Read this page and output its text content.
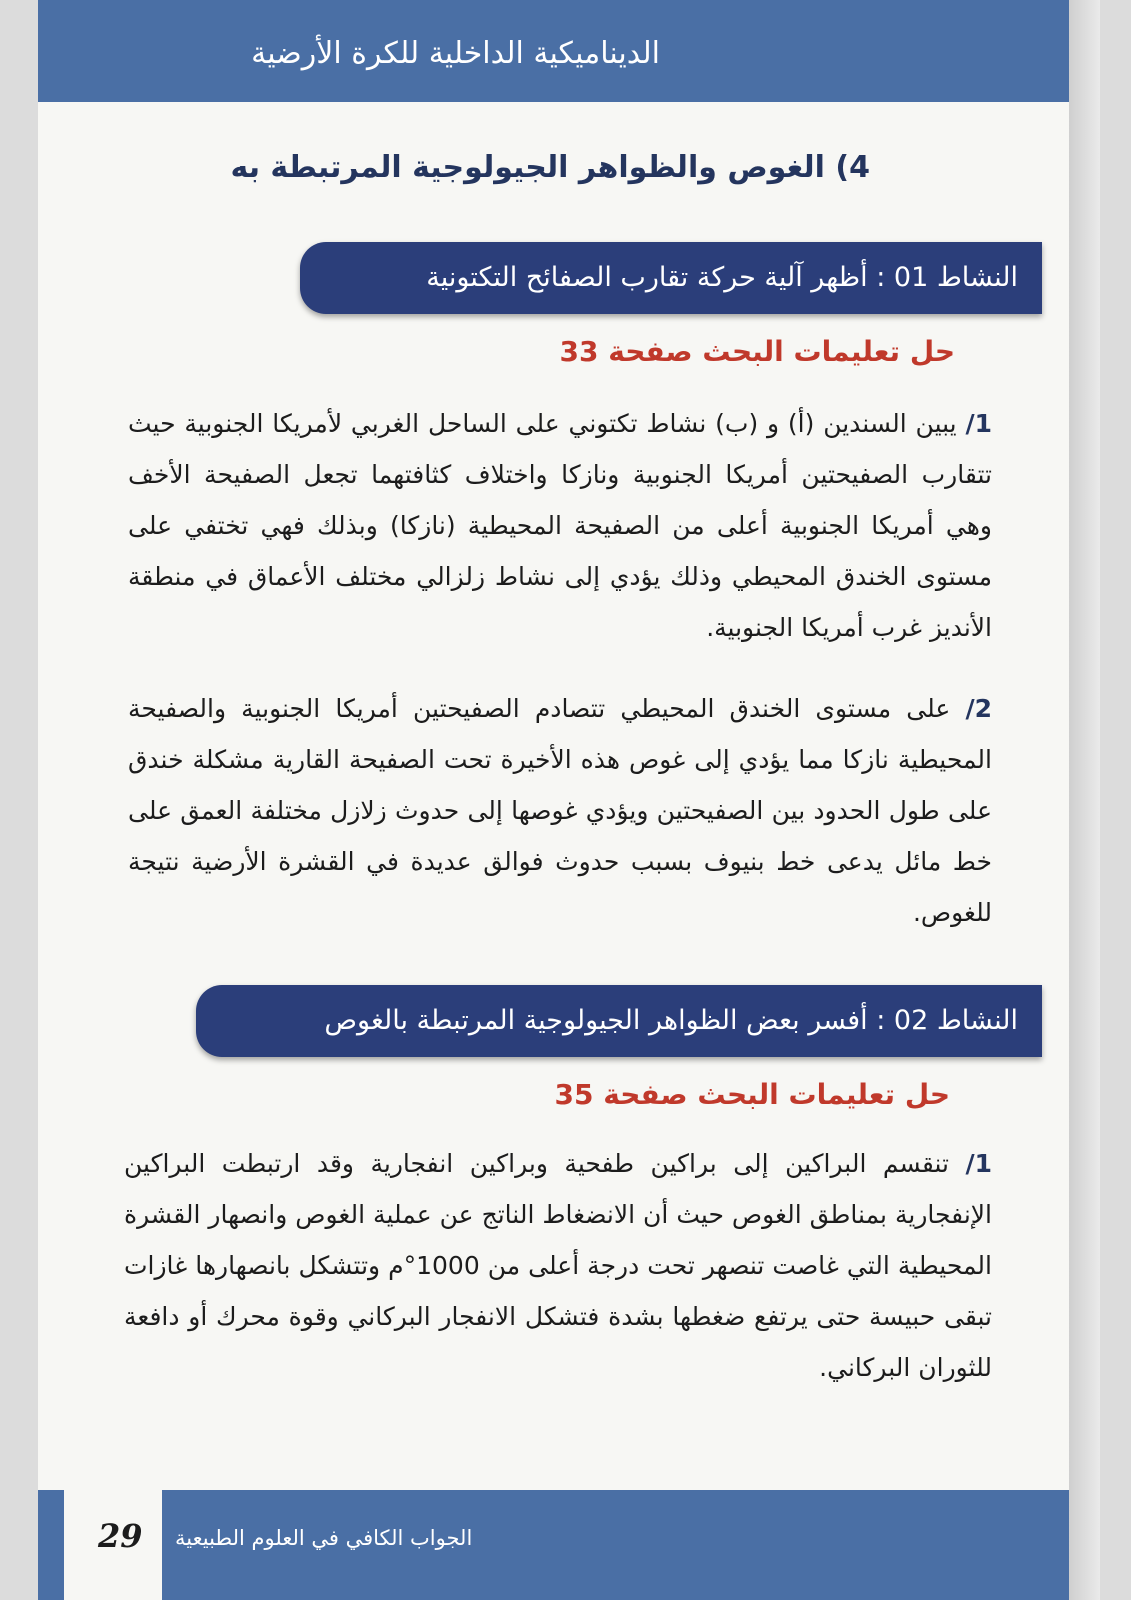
الديناميكية الداخلية للكرة الأرضية
4) الغوص والظواهر الجيولوجية المرتبطة به
النشاط 01 : أظهر آلية حركة تقارب الصفائح التكتونية
حل تعليمات البحث صفحة 33
1/ يبين السندين (أ) و (ب) نشاط تكتوني على الساحل الغربي لأمريكا الجنوبية حيث تتقارب الصفيحتين أمريكا الجنوبية ونازكا واختلاف كثافتهما تجعل الصفيحة الأخف وهي أمريكا الجنوبية أعلى من الصفيحة المحيطية (نازكا) وبذلك فهي تختفي على مستوى الخندق المحيطي وذلك يؤدي إلى نشاط زلزالي مختلف الأعماق في منطقة الأنديز غرب أمريكا الجنوبية.
2/ على مستوى الخندق المحيطي تتصادم الصفيحتين أمريكا الجنوبية والصفيحة المحيطية نازكا مما يؤدي إلى غوص هذه الأخيرة تحت الصفيحة القارية مشكلة خندق على طول الحدود بين الصفيحتين ويؤدي غوصها إلى حدوث زلازل مختلفة العمق على خط مائل يدعى خط بنيوف بسبب حدوث فوالق عديدة في القشرة الأرضية نتيجة للغوص.
النشاط 02 : أفسر بعض الظواهر الجيولوجية المرتبطة بالغوص
حل تعليمات البحث صفحة 35
1/ تنقسم البراكين إلى براكين طفحية وبراكين انفجارية وقد ارتبطت البراكين الإنفجارية بمناطق الغوص حيث أن الانضغاط الناتج عن عملية الغوص وانصهار القشرة المحيطية التي غاصت تنصهر تحت درجة أعلى من 1000°م وتتشكل بانصهارها غازات تبقى حبيسة حتى يرتفع ضغطها بشدة فتشكل الانفجار البركاني وقوة محرك أو دافعة للثوران البركاني.
29 الجواب الكافي في العلوم الطبيعية
